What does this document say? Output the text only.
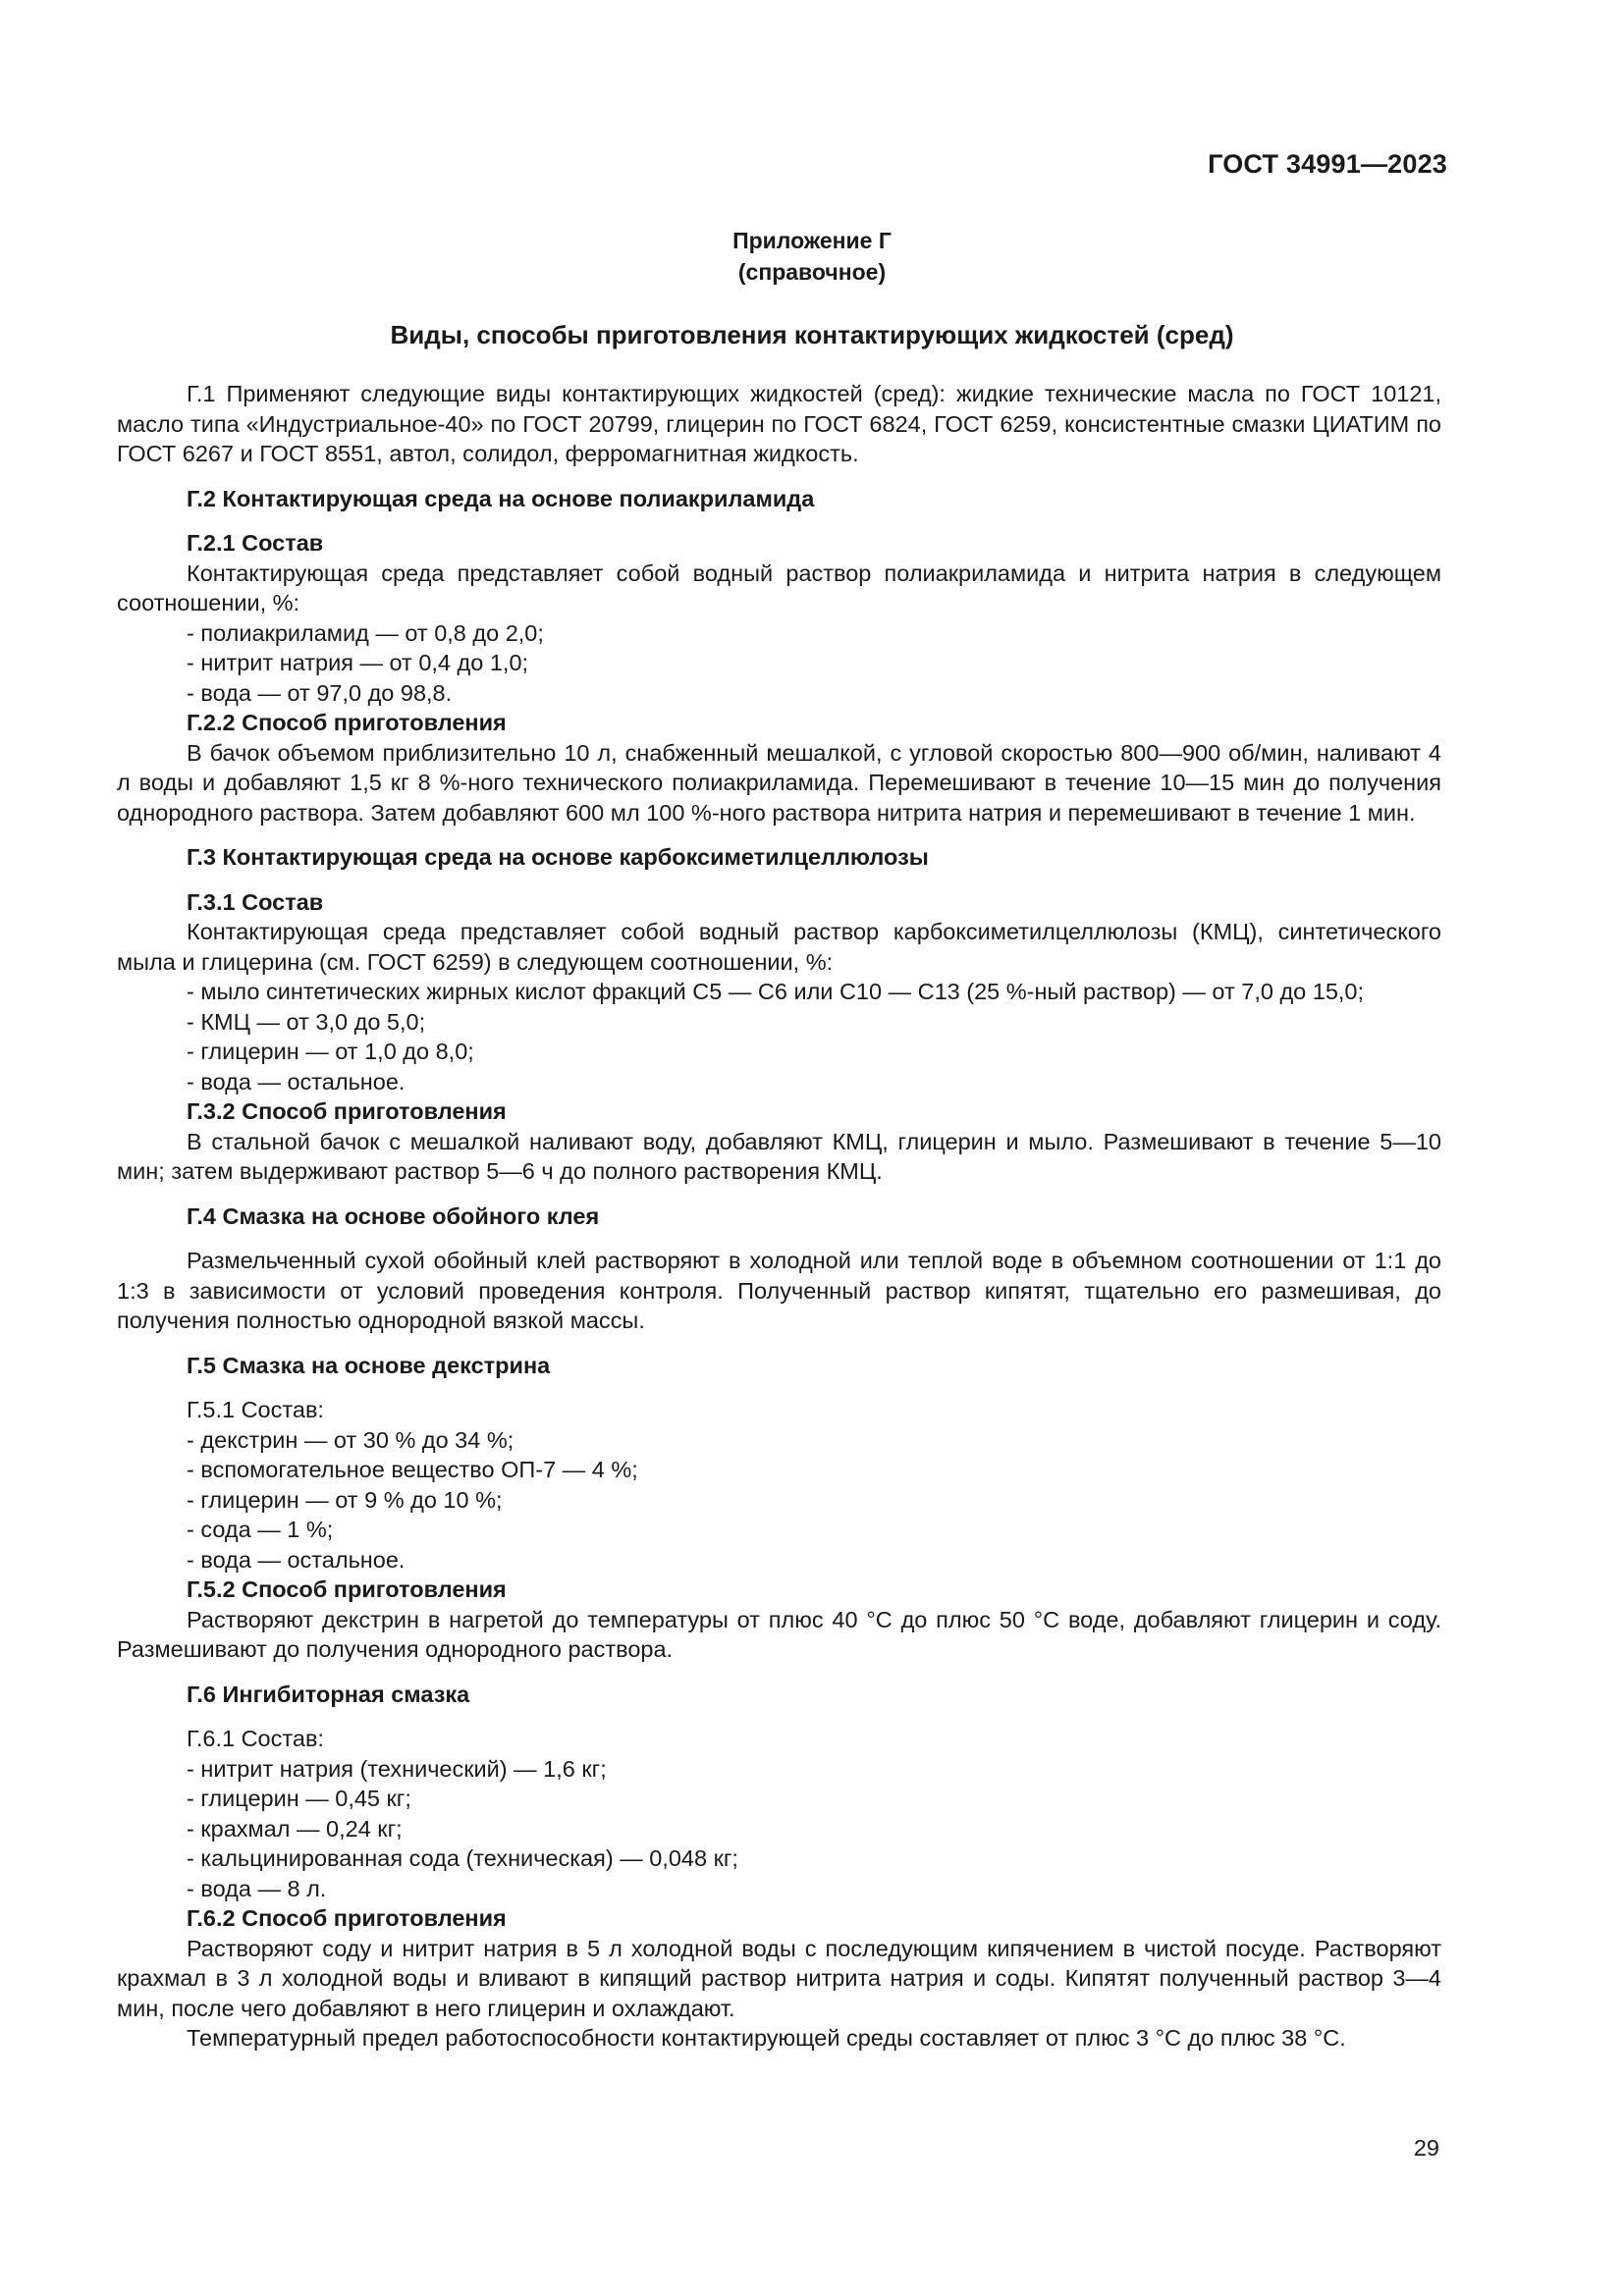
ГОСТ 34991—2023
Приложение Г
(справочное)
Виды, способы приготовления контактирующих жидкостей (сред)

Г.1 Применяют следующие виды контактирующих жидкостей (сред): жидкие технические масла по ГОСТ 10121, масло типа «Индустриальное-40» по ГОСТ 20799, глицерин по ГОСТ 6824, ГОСТ 6259, консистентные смазки ЦИАТИМ по ГОСТ 6267 и ГОСТ 8551, автол, солидол, ферромагнитная жидкость.

Г.2 Контактирующая среда на основе полиакриламида

Г.2.1 Состав

Контактирующая среда представляет собой водный раствор полиакриламида и нитрита натрия в следующем соотношении, %:

- полиакриламид — от 0,8 до 2,0;

- нитрит натрия — от 0,4 до 1,0;

- вода — от 97,0 до 98,8.

Г.2.2 Способ приготовления

В бачок объемом приблизительно 10 л, снабженный мешалкой, с угловой скоростью 800—900 об/мин, наливают 4 л воды и добавляют 1,5 кг 8 %-ного технического полиакриламида. Перемешивают в течение 10—15 мин до получения однородного раствора. Затем добавляют 600 мл 100 %-ного раствора нитрита натрия и перемешивают в течение 1 мин.

Г.3 Контактирующая среда на основе карбоксиметилцеллюлозы

Г.3.1 Состав

Контактирующая среда представляет собой водный раствор карбоксиметилцеллюлозы (КМЦ), синтетического мыла и глицерина (см. ГОСТ 6259) в следующем соотношении, %:

- мыло синтетических жирных кислот фракций С5 — С6 или С10 — С13 (25 %-ный раствор) — от 7,0 до 15,0;

- КМЦ — от 3,0 до 5,0;

- глицерин — от 1,0 до 8,0;

- вода — остальное.

Г.3.2 Способ приготовления

В стальной бачок с мешалкой наливают воду, добавляют КМЦ, глицерин и мыло. Размешивают в течение 5—10 мин; затем выдерживают раствор 5—6 ч до полного растворения КМЦ.

Г.4 Смазка на основе обойного клея

Размельченный сухой обойный клей растворяют в холодной или теплой воде в объемном соотношении от 1:1 до 1:3 в зависимости от условий проведения контроля. Полученный раствор кипятят, тщательно его размешивая, до получения полностью однородной вязкой массы.

Г.5 Смазка на основе декстрина

Г.5.1 Состав:

- декстрин — от 30 % до 34 %;

- вспомогательное вещество ОП-7 — 4 %;

- глицерин — от 9 % до 10 %;

- сода — 1 %;

- вода — остальное.

Г.5.2 Способ приготовления

Растворяют декстрин в нагретой до температуры от плюс 40 °С до плюс 50 °С воде, добавляют глицерин и соду. Размешивают до получения однородного раствора.

Г.6 Ингибиторная смазка

Г.6.1 Состав:

- нитрит натрия (технический) — 1,6 кг;

- глицерин — 0,45 кг;

- крахмал — 0,24 кг;

- кальцинированная сода (техническая) — 0,048 кг;

- вода — 8 л.

Г.6.2 Способ приготовления

Растворяют соду и нитрит натрия в 5 л холодной воды с последующим кипячением в чистой посуде. Растворяют крахмал в 3 л холодной воды и вливают в кипящий раствор нитрита натрия и соды. Кипятят полученный раствор 3—4 мин, после чего добавляют в него глицерин и охлаждают.

Температурный предел работоспособности контактирующей среды составляет от плюс 3 °С до плюс 38 °С.

29
